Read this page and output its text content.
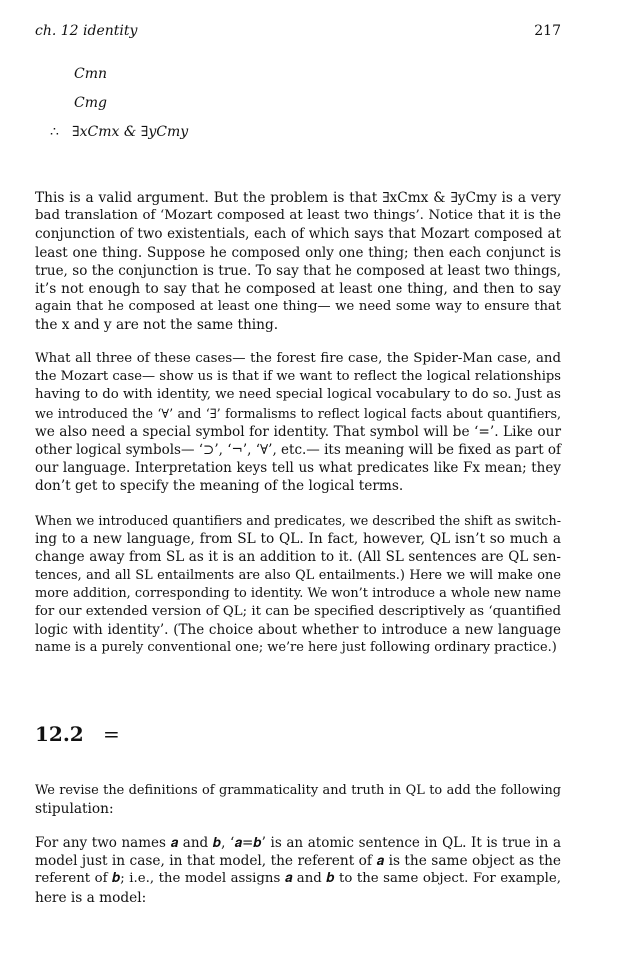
ch. 12 identity	217
Cmn
Cmg
∴ ∃xCmx & ∃yCmy
This is a valid argument. But the problem is that ∃xCmx & ∃yCmy is a very
bad translation of ‘Mozart composed at least two things’. Notice that it is the
conjunction of two existentials, each of which says that Mozart composed at
least one thing. Suppose he composed only one thing; then each conjunct is
true, so the conjunction is true. To say that he composed at least two things,
it’s not enough to say that he composed at least one thing, and then to say
again that he composed at least one thing— we need some way to ensure that
the x and y are not the same thing.
What all three of these cases— the forest fire case, the Spider-Man case, and
the Mozart case— show us is that if we want to reflect the logical relationships
having to do with identity, we need special logical vocabulary to do so. Just as
we introduced the ‘∀’ and ‘∃’ formalisms to reflect logical facts about quantifiers,
we also need a special symbol for identity. That symbol will be ‘=’. Like our
other logical symbols— ‘⊃’, ‘¬’, ‘∀’, etc.— its meaning will be fixed as part of
our language. Interpretation keys tell us what predicates like Fx mean; they
don’t get to specify the meaning of the logical terms.
When we introduced quantifiers and predicates, we described the shift as switch-
ing to a new language, from SL to QL. In fact, however, QL isn’t so much a
change away from SL as it is an addition to it. (All SL sentences are QL sen-
tences, and all SL entailments are also QL entailments.) Here we will make one
more addition, corresponding to identity. We won’t introduce a whole new name
for our extended version of QL; it can be specified descriptively as ‘quantified
logic with identity’. (The choice about whether to introduce a new language
name is a purely conventional one; we’re here just following ordinary practice.)
12.2 =
We revise the definitions of grammaticality and truth in QL to add the following
stipulation:
For any two names 𝒂 and 𝒃, ‘𝒂=𝒃’ is an atomic sentence in QL. It is true in a
model just in case, in that model, the referent of 𝒂 is the same object as the
referent of 𝒃; i.e., the model assigns 𝒂 and 𝒃 to the same object. For example,
here is a model:
